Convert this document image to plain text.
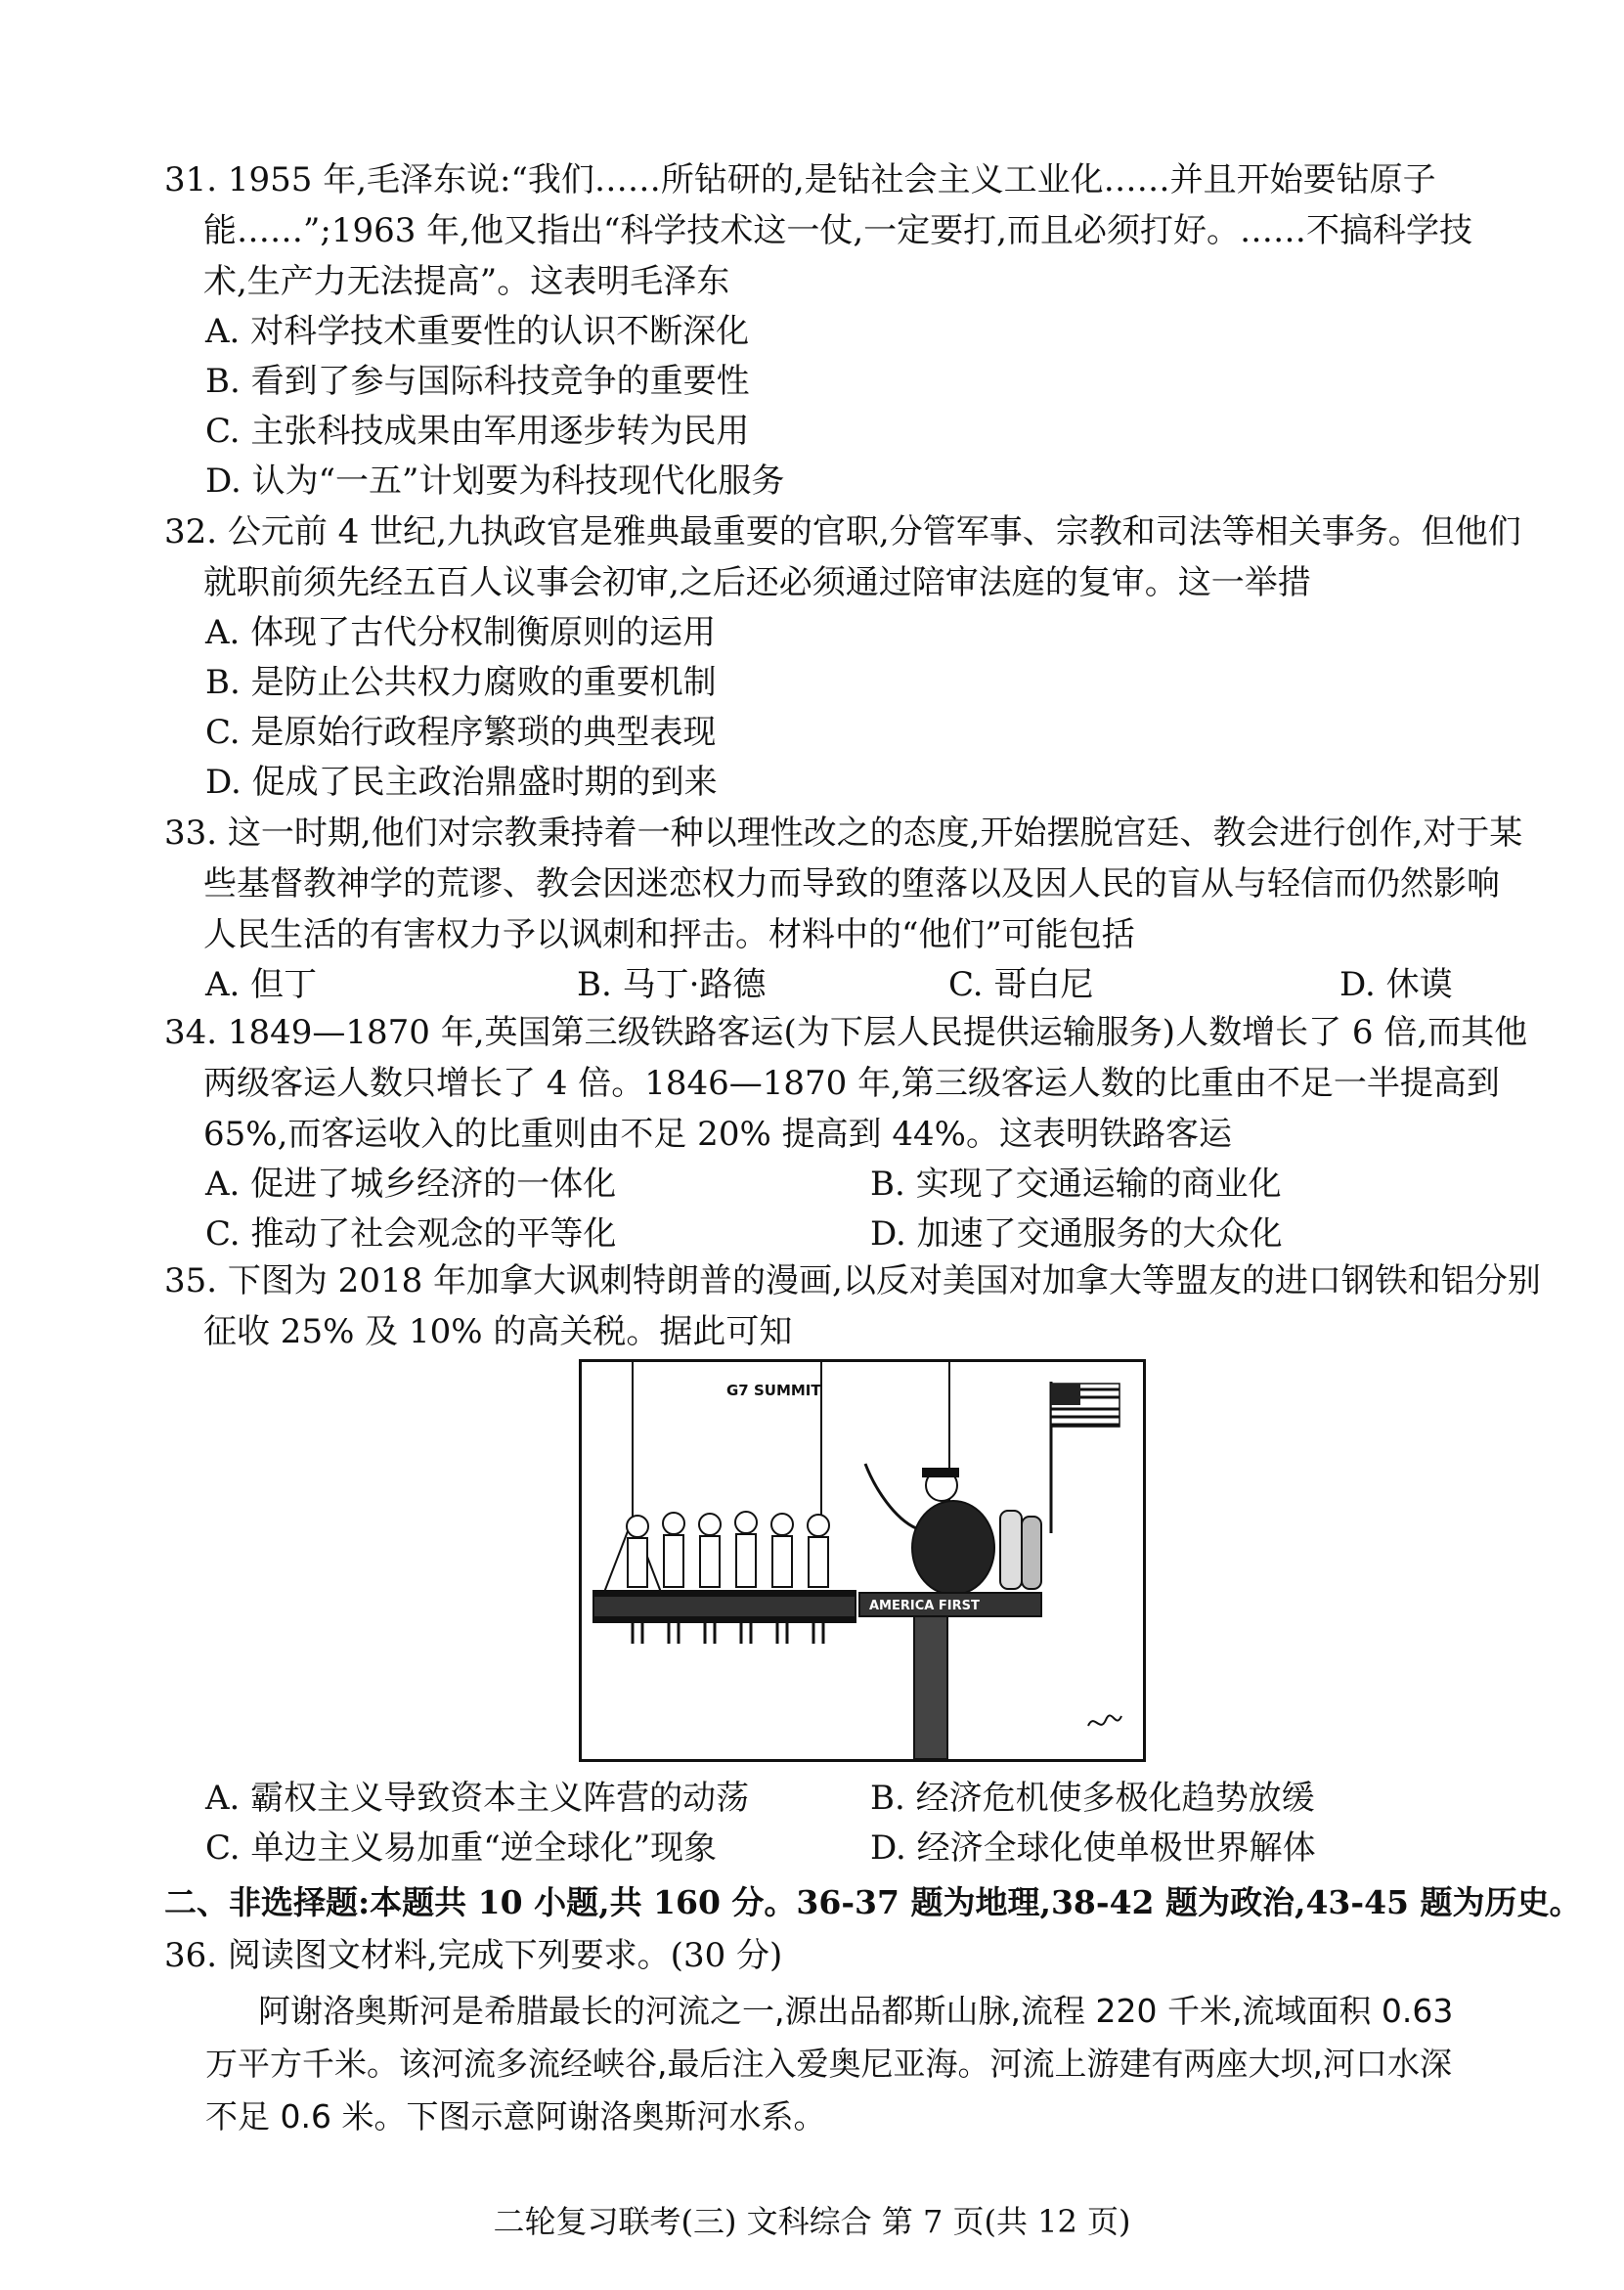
31. 1955 年,毛泽东说:“我们……所钻研的,是钻社会主义工业化……并且开始要钻原子
能……”;1963 年,他又指出“科学技术这一仗,一定要打,而且必须打好。……不搞科学技
术,生产力无法提高”。这表明毛泽东
A. 对科学技术重要性的认识不断深化
B. 看到了参与国际科技竞争的重要性
C. 主张科技成果由军用逐步转为民用
D. 认为“一五”计划要为科技现代化服务
32. 公元前 4 世纪,九执政官是雅典最重要的官职,分管军事、宗教和司法等相关事务。但他们
就职前须先经五百人议事会初审,之后还必须通过陪审法庭的复审。这一举措
A. 体现了古代分权制衡原则的运用
B. 是防止公共权力腐败的重要机制
C. 是原始行政程序繁琐的典型表现
D. 促成了民主政治鼎盛时期的到来
33. 这一时期,他们对宗教秉持着一种以理性改之的态度,开始摆脱宫廷、教会进行创作,对于某
些基督教神学的荒谬、教会因迷恋权力而导致的堕落以及因人民的盲从与轻信而仍然影响
人民生活的有害权力予以讽刺和抨击。材料中的“他们”可能包括
A. 但丁	B. 马丁·路德	C. 哥白尼	D. 休谟
34. 1849—1870 年,英国第三级铁路客运(为下层人民提供运输服务)人数增长了 6 倍,而其他
两级客运人数只增长了 4 倍。1846—1870 年,第三级客运人数的比重由不足一半提高到
65%,而客运收入的比重则由不足 20% 提高到 44%。这表明铁路客运
A. 促进了城乡经济的一体化	B. 实现了交通运输的商业化
C. 推动了社会观念的平等化	D. 加速了交通服务的大众化
35. 下图为 2018 年加拿大讽刺特朗普的漫画,以反对美国对加拿大等盟友的进口钢铁和铝分别
征收 25% 及 10% 的高关税。据此可知
G7 SUMMIT
AMERICA FIRST
A. 霸权主义导致资本主义阵营的动荡	B. 经济危机使多极化趋势放缓
C. 单边主义易加重“逆全球化”现象	D. 经济全球化使单极世界解体
二、非选择题:本题共 10 小题,共 160 分。36-37 题为地理,38-42 题为政治,43-45 题为历史。
36. 阅读图文材料,完成下列要求。(30 分)
阿谢洛奥斯河是希腊最长的河流之一,源出品都斯山脉,流程 220 千米,流域面积 0.63
万平方千米。该河流多流经峡谷,最后注入爱奥尼亚海。河流上游建有两座大坝,河口水深
不足 0.6 米。下图示意阿谢洛奥斯河水系。
二轮复习联考(三) 文科综合 第 7 页(共 12 页)
